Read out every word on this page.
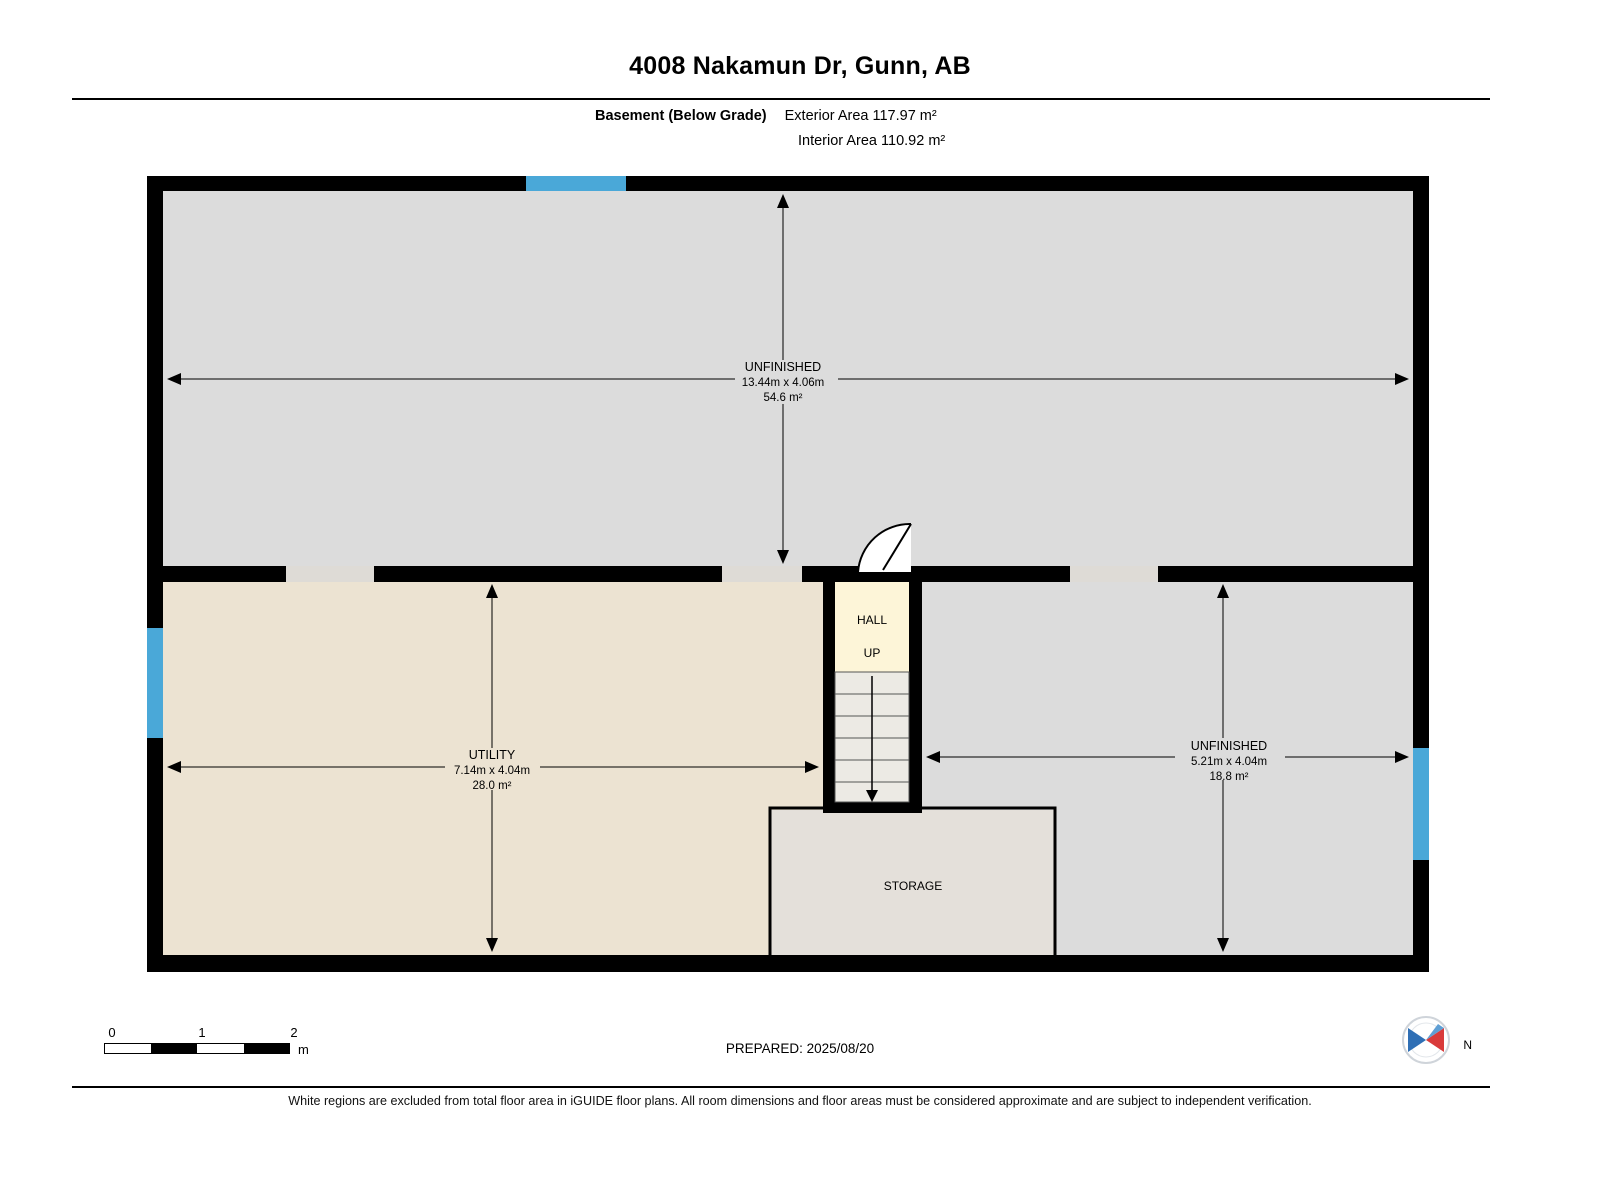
4008 Nakamun Dr, Gunn, AB
Basement (Below Grade) Exterior Area 117.97 m²
Interior Area 110.92 m²
UNFINISHED
13.44m x 4.06m
54.6 m²
UTILITY
7.14m x 4.04m
28.0 m²
UNFINISHED
5.21m x 4.04m
18.8 m²
HALL
UP
STORAGE
0	1	2
m	PREPARED: 2025/08/20	N
White regions are excluded from total floor area in iGUIDE floor plans. All room dimensions and floor areas must be considered approximate and are subject to independent verification.
